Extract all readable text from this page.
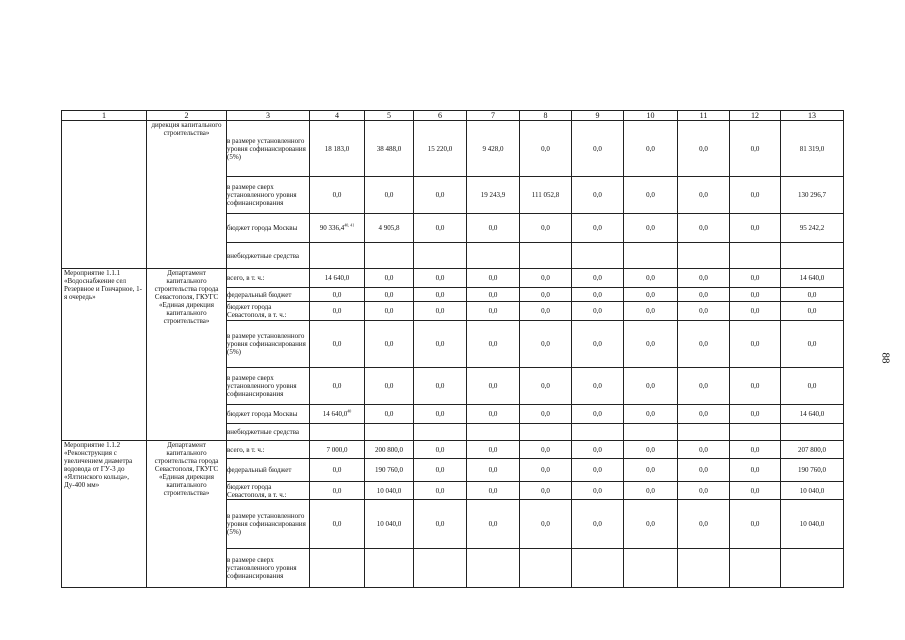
88
1	2	3	4	5	6	7	8	9	10	11	12	13
	дирекция капитального строительства»	в размере установленного уровня софинансирования (5%)	18 183,0	38 488,0	15 220,0	9 428,0	0,0	0,0	0,0	0,0	0,0	81 319,0
		в размере сверх установленного уровня софинансирования	0,0	0,0	0,0	19 243,9	111 052,8	0,0	0,0	0,0	0,0	130 296,7
		бюджет города Москвы	90 336,4$^{40, 41}$	4 905,8	0,0	0,0	0,0	0,0	0,0	0,0	0,0	95 242,2
		внебюджетные средства										
Мероприятие 1.1.1 «Водоснабжение сел Резервное и Гончарное, 1-я очередь»	Департамент капитального строительства города Севастополя, ГКУГС «Единая дирекция капитального строительства»	всего, в т. ч.:	14 640,0	0,0	0,0	0,0	0,0	0,0	0,0	0,0	0,0	14 640,0
		федеральный бюджет	0,0	0,0	0,0	0,0	0,0	0,0	0,0	0,0	0,0	0,0
		бюджет города Севастополя, в т. ч.:	0,0	0,0	0,0	0,0	0,0	0,0	0,0	0,0	0,0	0,0
		в размере установленного уровня софинансирования (5%)	0,0	0,0	0,0	0,0	0,0	0,0	0,0	0,0	0,0	0,0
		в размере сверх установленного уровня софинансирования	0,0	0,0	0,0	0,0	0,0	0,0	0,0	0,0	0,0	0,0
		бюджет города Москвы	14 640,0$^{40}$	0,0	0,0	0,0	0,0	0,0	0,0	0,0	0,0	14 640,0
		внебюджетные средства										
Мероприятие 1.1.2 «Реконструкция с увеличением диаметра водовода от ГУ-3 до «Ялтинского кольца», Ду-400 мм»	Департамент капитального строительства города Севастополя, ГКУГС «Единая дирекция капитального строительства»	всего, в т. ч.:	7 000,0	200 800,0	0,0	0,0	0,0	0,0	0,0	0,0	0,0	207 800,0
		федеральный бюджет	0,0	190 760,0	0,0	0,0	0,0	0,0	0,0	0,0	0,0	190 760,0
		бюджет города Севастополя, в т. ч.:	0,0	10 040,0	0,0	0,0	0,0	0,0	0,0	0,0	0,0	10 040,0
		в размере установленного уровня софинансирования (5%)	0,0	10 040,0	0,0	0,0	0,0	0,0	0,0	0,0	0,0	10 040,0
		в размере сверх установленного уровня софинансирования										
